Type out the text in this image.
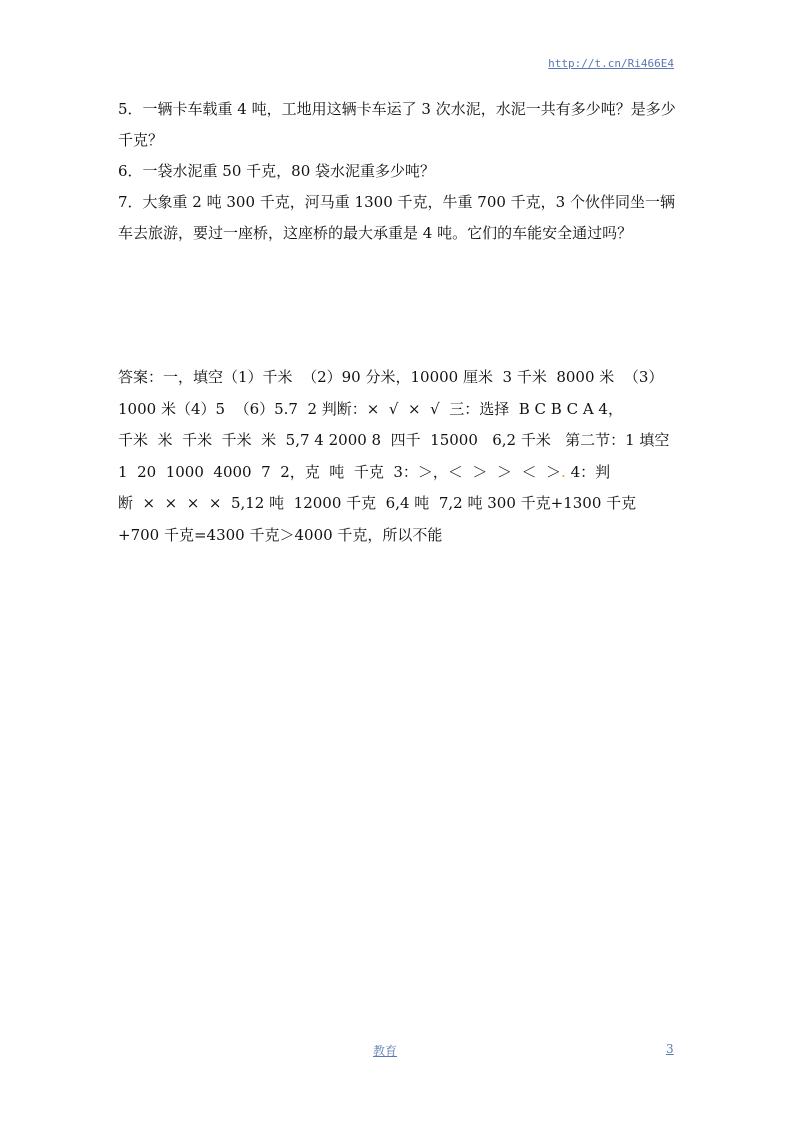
http://t.cn/Ri466E4

5．一辆卡车载重 4 吨，工地用这辆卡车运了 3 次水泥，水泥一共有多少吨？是多少千克？

6．一袋水泥重 50 千克，80 袋水泥重多少吨？

7．大象重 2 吨 300 千克，河马重 1300 千克，牛重 700 千克，3 个伙伴同坐一辆车去旅游，要过一座桥，这座桥的最大承重是 4 吨。它们的车能安全通过吗？

答案：一，填空（1）千米  （2）90 分米，10000 厘米  3 千米  8000 米  （3）

1000 米（4）5  （6）5.7  2 判断：×  √  ×  √  三：选择  B C B C A 4，

千米  米  千米  千米  米  5,7 4 2000 8  四千  15000   6,2 千米   第二节：1 填空

1  20  1000  4000  7  2，克  吨  千克  3：＞，＜  ＞  ＞  ＜  ＞. 4：判

断  ×  ×  ×  ×  5,12 吨  12000 千克  6,4 吨  7,2 吨 300 千克+1300 千克

+700 千克=4300 千克＞4000 千克，所以不能

教育	3
